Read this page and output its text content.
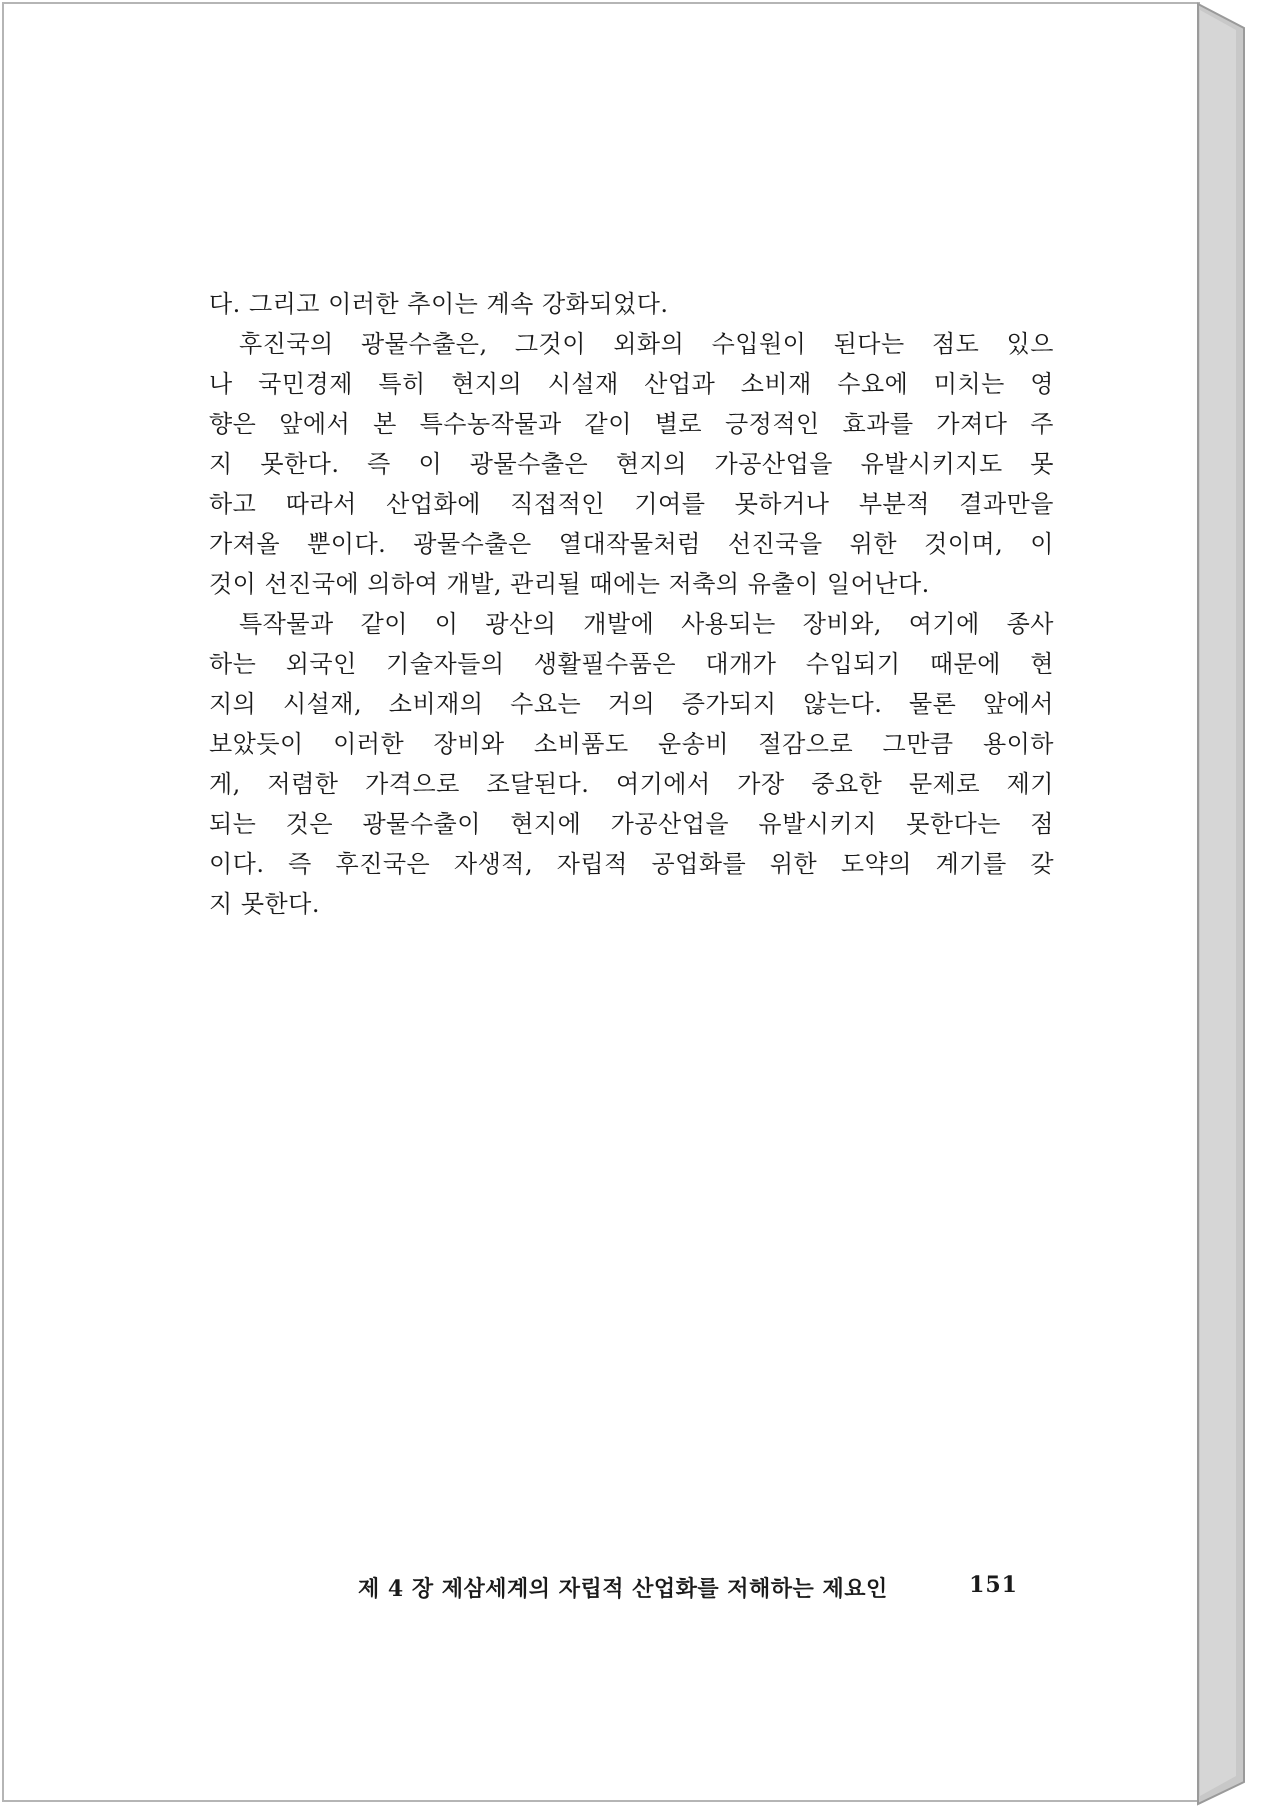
다. 그리고 이러한 추이는 계속 강화되었다.
후진국의 광물수출은, 그것이 외화의 수입원이 된다는 점도 있으
나 국민경제 특히 현지의 시설재 산업과 소비재 수요에 미치는 영
향은 앞에서 본 특수농작물과 같이 별로 긍정적인 효과를 가져다 주
지 못한다. 즉 이 광물수출은 현지의 가공산업을 유발시키지도 못
하고 따라서 산업화에 직접적인 기여를 못하거나 부분적 결과만을
가져올 뿐이다. 광물수출은 열대작물처럼 선진국을 위한 것이며, 이
것이 선진국에 의하여 개발, 관리될 때에는 저축의 유출이 일어난다.
특작물과 같이 이 광산의 개발에 사용되는 장비와, 여기에 종사
하는 외국인 기술자들의 생활필수품은 대개가 수입되기 때문에 현
지의 시설재, 소비재의 수요는 거의 증가되지 않는다. 물론 앞에서
보았듯이 이러한 장비와 소비품도 운송비 절감으로 그만큼 용이하
게, 저렴한 가격으로 조달된다. 여기에서 가장 중요한 문제로 제기
되는 것은 광물수출이 현지에 가공산업을 유발시키지 못한다는 점
이다. 즉 후진국은 자생적, 자립적 공업화를 위한 도약의 계기를 갖
지 못한다.
제 4 장 제삼세계의 자립적 산업화를 저해하는 제요인	151
